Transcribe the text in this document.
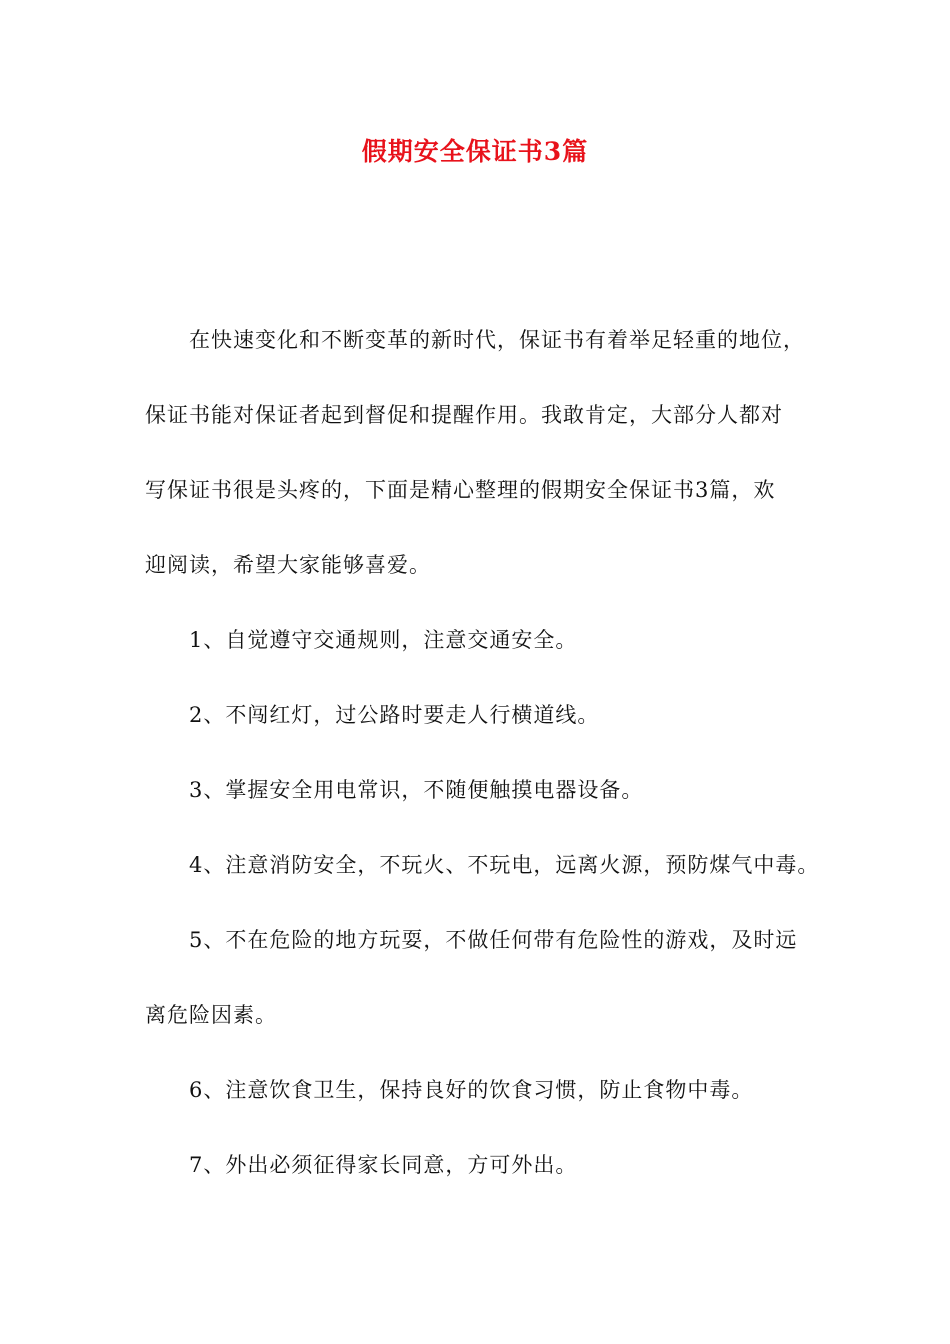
假期安全保证书3篇
在快速变化和不断变革的新时代，保证书有着举足轻重的地位，
保证书能对保证者起到督促和提醒作用。我敢肯定，大部分人都对
写保证书很是头疼的，下面是精心整理的假期安全保证书3篇，欢
迎阅读，希望大家能够喜爱。
1、自觉遵守交通规则，注意交通安全。
2、不闯红灯，过公路时要走人行横道线。
3、掌握安全用电常识，不随便触摸电器设备。
4、注意消防安全，不玩火、不玩电，远离火源，预防煤气中毒。
5、不在危险的地方玩耍，不做任何带有危险性的游戏，及时远
离危险因素。
6、注意饮食卫生，保持良好的饮食习惯，防止食物中毒。
7、外出必须征得家长同意，方可外出。
